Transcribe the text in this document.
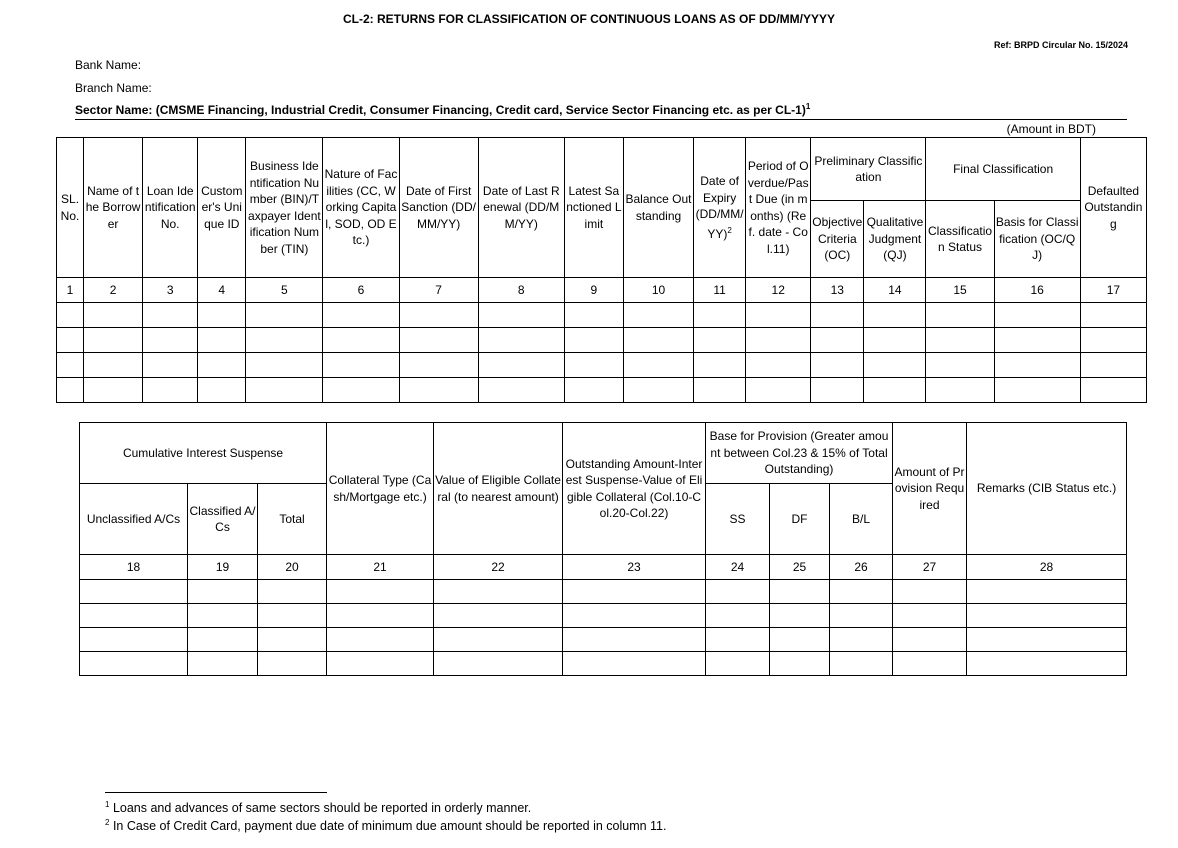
CL-2: RETURNS FOR CLASSIFICATION OF CONTINUOUS LOANS AS OF DD/MM/YYYY
Ref: BRPD Circular No. 15/2024
Bank Name:
Branch Name:
Sector Name: (CMSME Financing, Industrial Credit, Consumer Financing, Credit card, Service Sector Financing etc. as per CL-1)$^1$
(Amount in BDT)
SL. No.	Name of the Borrower	Loan Identification No.	Customer's Unique ID	Business Identification Number (BIN)/Taxpayer Identification Number (TIN)	Nature of Facilities (CC, Working Capital, SOD, OD Etc.)	Date of First Sanction (DD/MM/YY)	Date of Last Renewal (DD/MM/YY)	Latest Sanctioned Limit	Balance Outstanding	Date of Expiry $(DD/MM/YY)^2$	Period of Overdue/Past Due (in months) (Ref. date - Col.11)	Preliminary Classification		Final Classification		Defaulted Outstanding
												Objective Criteria (OC)	Qualitative Judgment(QJ)	Classification Status	Basis for Classification (OC/QJ)	
1	2	3	4	5	6	7	8	9	10	11	12	13	14	15	16	17

Cumulative Interest Suspense			Collateral Type (Cash/Mortgage etc.)	Value of Eligible Collateral (to nearest amount)	Outstanding Amount-Interest Suspense-Value of Eligible Collateral (Col.10-Col.20-Col.22)	Base for Provision (Greater amount between Col.23 & 15% of Total Outstanding)			Amount of Provision Required	Remarks (CIB Status etc.)
Unclassified A/Cs	Classified A/Cs	Total				SS	DF	B/L		
18	19	20	21	22	23	24	25	26	27	28

$^1$ Loans and advances of same sectors should be reported in orderly manner.
$^2$ In Case of Credit Card, payment due date of minimum due amount should be reported in column 11.
